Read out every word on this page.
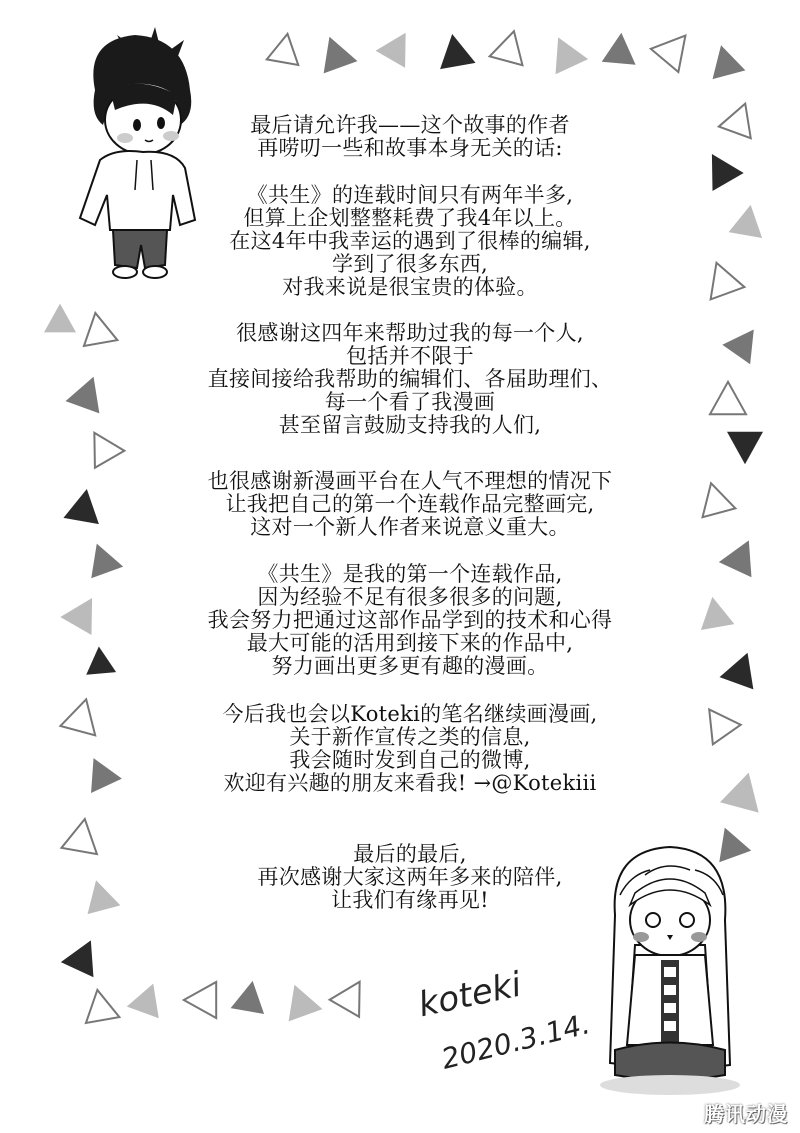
最后请允许我——这个故事的作者
再唠叨一些和故事本身无关的话:
《共生》的连载时间只有两年半多,
但算上企划整整耗费了我4年以上。
在这4年中我幸运的遇到了很棒的编辑,
学到了很多东西,
对我来说是很宝贵的体验。
很感谢这四年来帮助过我的每一个人,
包括并不限于
直接间接给我帮助的编辑们、各届助理们、
每一个看了我漫画
甚至留言鼓励支持我的人们,
也很感谢新漫画平台在人气不理想的情况下
让我把自己的第一个连载作品完整画完,
这对一个新人作者来说意义重大。
《共生》是我的第一个连载作品,
因为经验不足有很多很多的问题,
我会努力把通过这部作品学到的技术和心得
最大可能的活用到接下来的作品中,
努力画出更多更有趣的漫画。
今后我也会以Koteki的笔名继续画漫画,
关于新作宣传之类的信息,
我会随时发到自己的微博,
欢迎有兴趣的朋友来看我! →@Kotekiii
最后的最后,
再次感谢大家这两年多来的陪伴,
让我们有缘再见!
koteki
2020.3.14.
腾讯动漫
